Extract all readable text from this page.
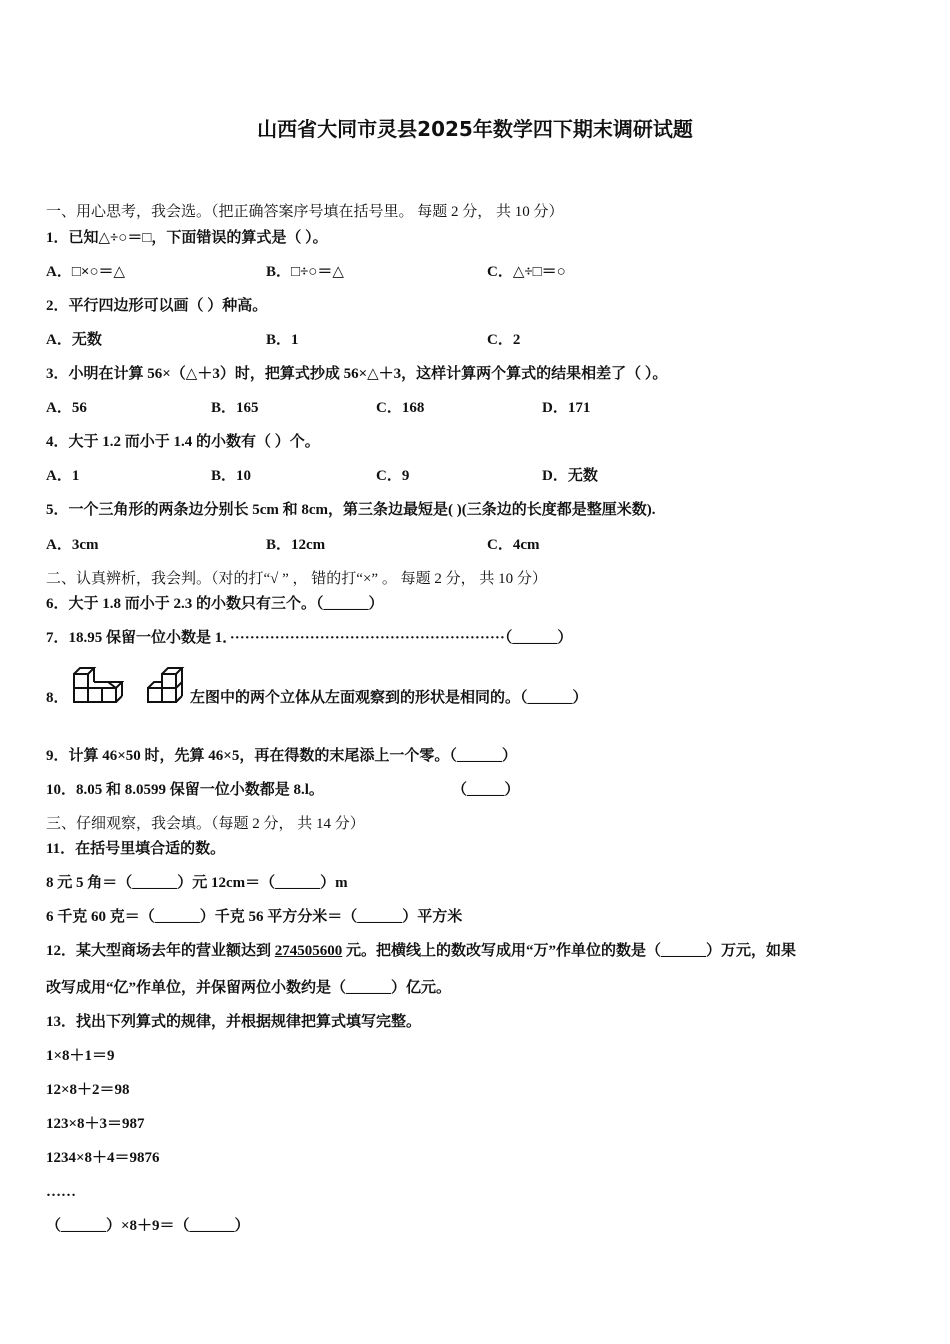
山西省大同市灵县2025年数学四下期末调研试题
一、用心思考，我会选。（把正确答案序号填在括号里。 每题 2 分， 共 10 分）
1．已知△÷○＝□，下面错误的算式是（ ）。
A．□×○＝△	B．□÷○＝△	C．△÷□＝○
2．平行四边形可以画（ ）种高。
A．无数	B．1	C．2
3．小明在计算 56×（△＋3）时，把算式抄成 56×△＋3，这样计算两个算式的结果相差了（ ）。
A．56	B．165	C．168	D．171
4．大于 1.2 而小于 1.4 的小数有（ ）个。
A．1	B．10	C．9	D．无数
5．一个三角形的两条边分别长 5cm 和 8cm，第三条边最短是( )(三条边的长度都是整厘米数).
A．3cm	B．12cm	C．4cm
二、认真辨析，我会判。（对的打“√ ” ， 错的打“×” 。 每题 2 分， 共 10 分）
6．大于 1.8 而小于 2.3 的小数只有三个。（______）
7．18.95 保留一位小数是 1．·······················································（______）
8．	左图中的两个立体从左面观察到的形状是相同的。（______）
9．计算 46×50 时，先算 46×5，再在得数的末尾添上一个零。（______）
10．8.05 和 8.0599 保留一位小数都是 8.l。	（_____）
三、仔细观察，我会填。（每题 2 分， 共 14 分）
11．在括号里填合适的数。
8 元 5 角＝（______）元 12cm＝（______）m
6 千克 60 克＝（______）千克 56 平方分米＝（______）平方米
12．某大型商场去年的营业额达到 274505600 元。把横线上的数改写成用“万”作单位的数是（______）万元，如果
改写成用“亿”作单位，并保留两位小数约是（______）亿元。
13．找出下列算式的规律，并根据规律把算式填写完整。
1×8＋1＝9
12×8＋2＝98
123×8＋3＝987
1234×8＋4＝9876
……
（______）×8＋9＝（______）
